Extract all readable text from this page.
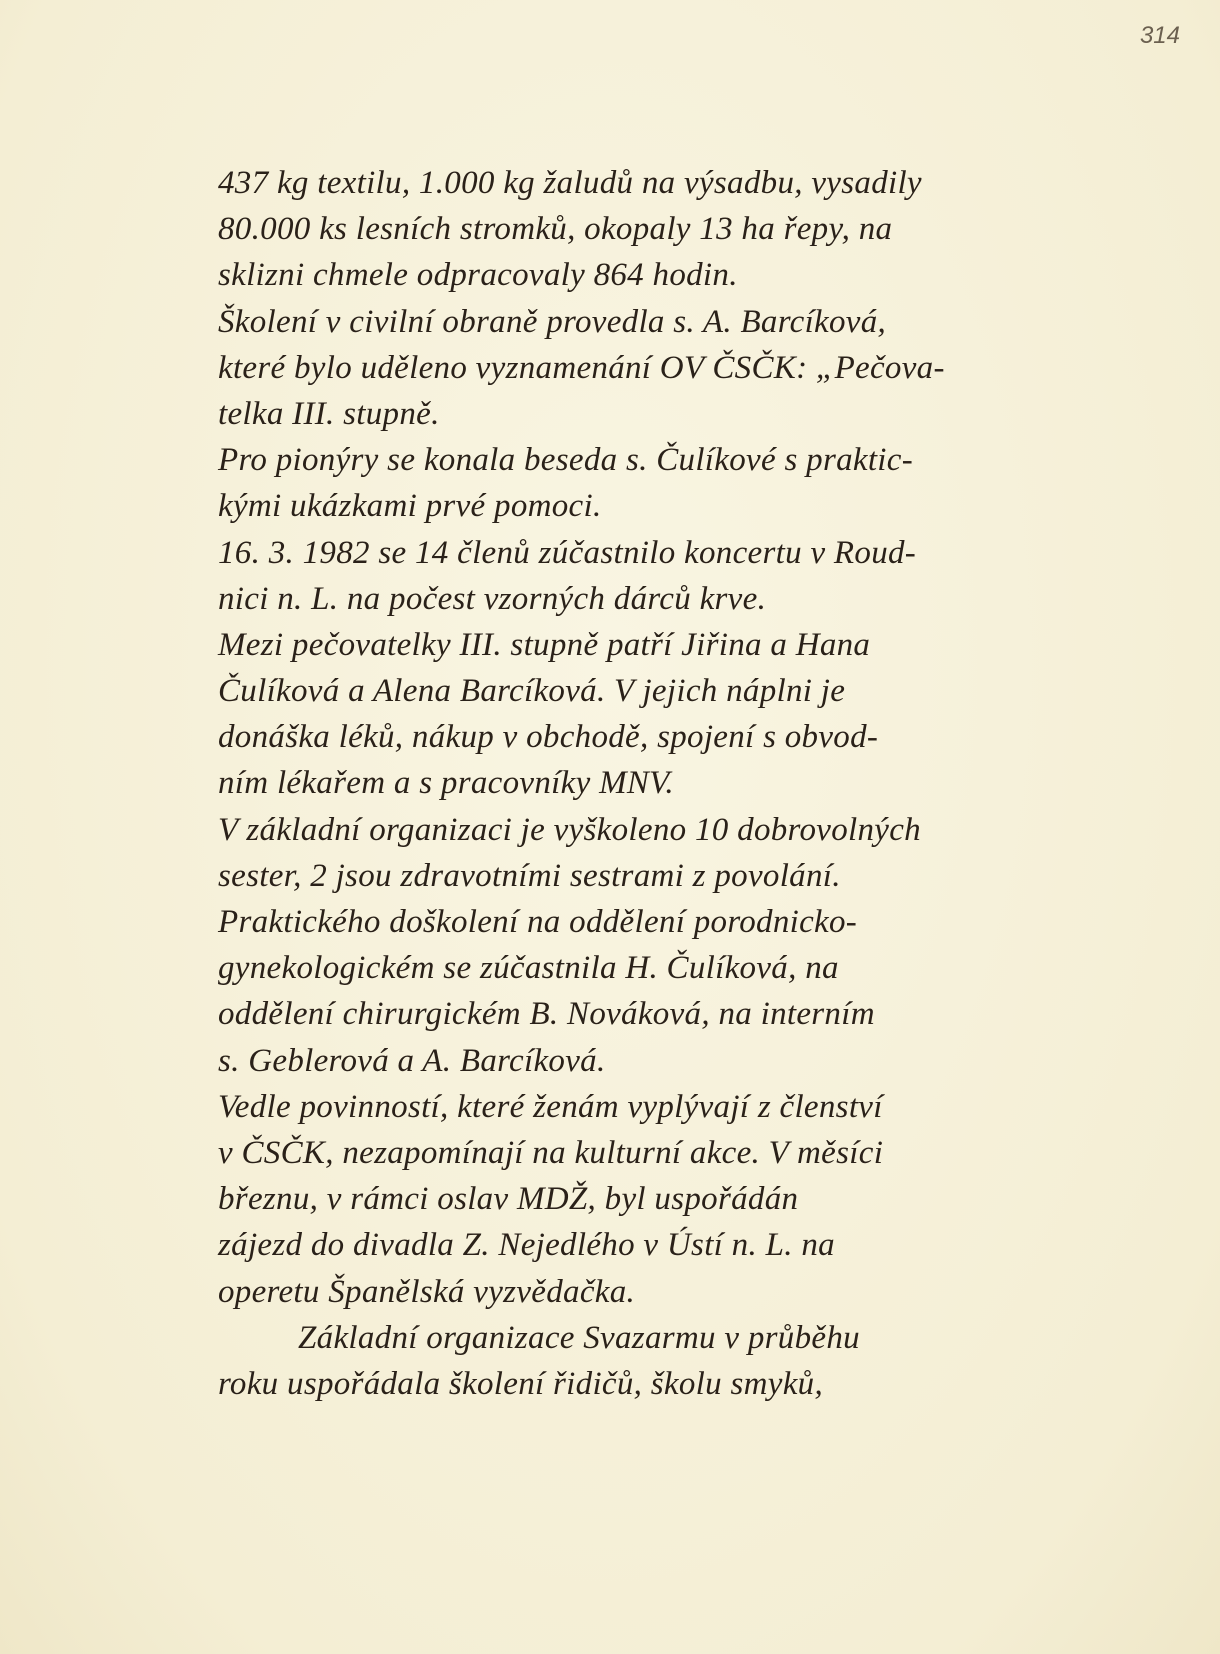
314
437 kg textilu, 1.000 kg žaludů na výsadbu, vysadily
80.000 ks lesních stromků, okopaly 13 ha řepy, na
sklizni chmele odpracovaly 864 hodin.
Školení v civilní obraně provedla s. A. Barcíková,
které bylo uděleno vyznamenání OV ČSČK: „Pečova-
telka III. stupně.
Pro pionýry se konala beseda s. Čulíkové s praktic-
kými ukázkami prvé pomoci.
16. 3. 1982 se 14 členů zúčastnilo koncertu v Roud-
nici n. L. na počest vzorných dárců krve.
Mezi pečovatelky III. stupně patří Jiřina a Hana
Čulíková a Alena Barcíková. V jejich náplni je
donáška léků, nákup v obchodě, spojení s obvod-
ním lékařem a s pracovníky MNV.
V základní organizaci je vyškoleno 10 dobrovolných
sester, 2 jsou zdravotními sestrami z povolání.
Praktického doškolení na oddělení porodnicko-
gynekologickém se zúčastnila H. Čulíková, na
oddělení chirurgickém B. Nováková, na interním
s. Geblerová a A. Barcíková.
Vedle povinností, které ženám vyplývají z členství
v ČSČK, nezapomínají na kulturní akce. V měsíci
březnu, v rámci oslav MDŽ, byl uspořádán
zájezd do divadla Z. Nejedlého v Ústí n. L. na
operetu Španělská vyzvědačka.
Základní organizace Svazarmu v průběhu
roku uspořádala školení řidičů, školu smyků,
